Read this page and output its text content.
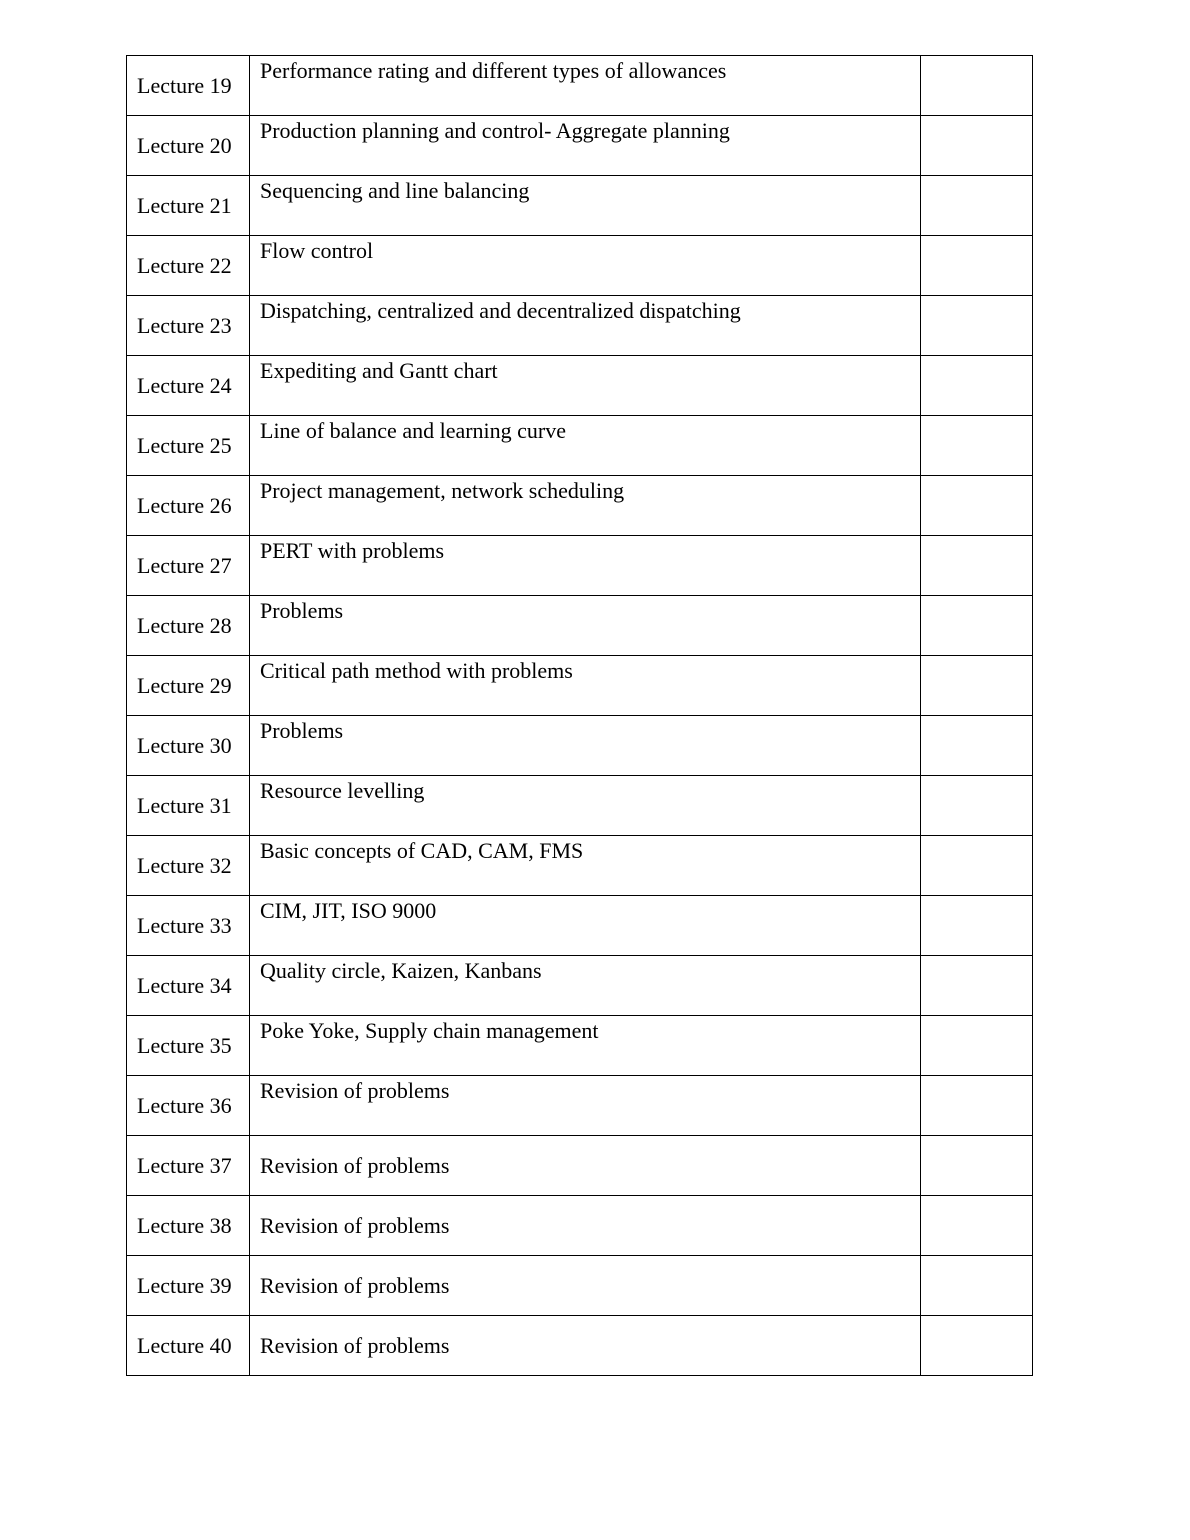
Lecture 19	Performance rating and different types of allowances	
Lecture 20	Production planning and control- Aggregate planning	
Lecture 21	Sequencing and line balancing	
Lecture 22	Flow control	
Lecture 23	Dispatching, centralized and decentralized dispatching	
Lecture 24	Expediting and Gantt chart	
Lecture 25	Line of balance and learning curve	
Lecture 26	Project management, network scheduling	
Lecture 27	PERT with problems	
Lecture 28	Problems	
Lecture 29	Critical path method with problems	
Lecture 30	Problems	
Lecture 31	Resource levelling	
Lecture 32	Basic concepts of CAD, CAM, FMS	
Lecture 33	CIM, JIT, ISO 9000	
Lecture 34	Quality circle, Kaizen, Kanbans	
Lecture 35	Poke Yoke, Supply chain management	
Lecture 36	Revision of problems	
Lecture 37	Revision of problems	
Lecture 38	Revision of problems	
Lecture 39	Revision of problems	
Lecture 40	Revision of problems	
